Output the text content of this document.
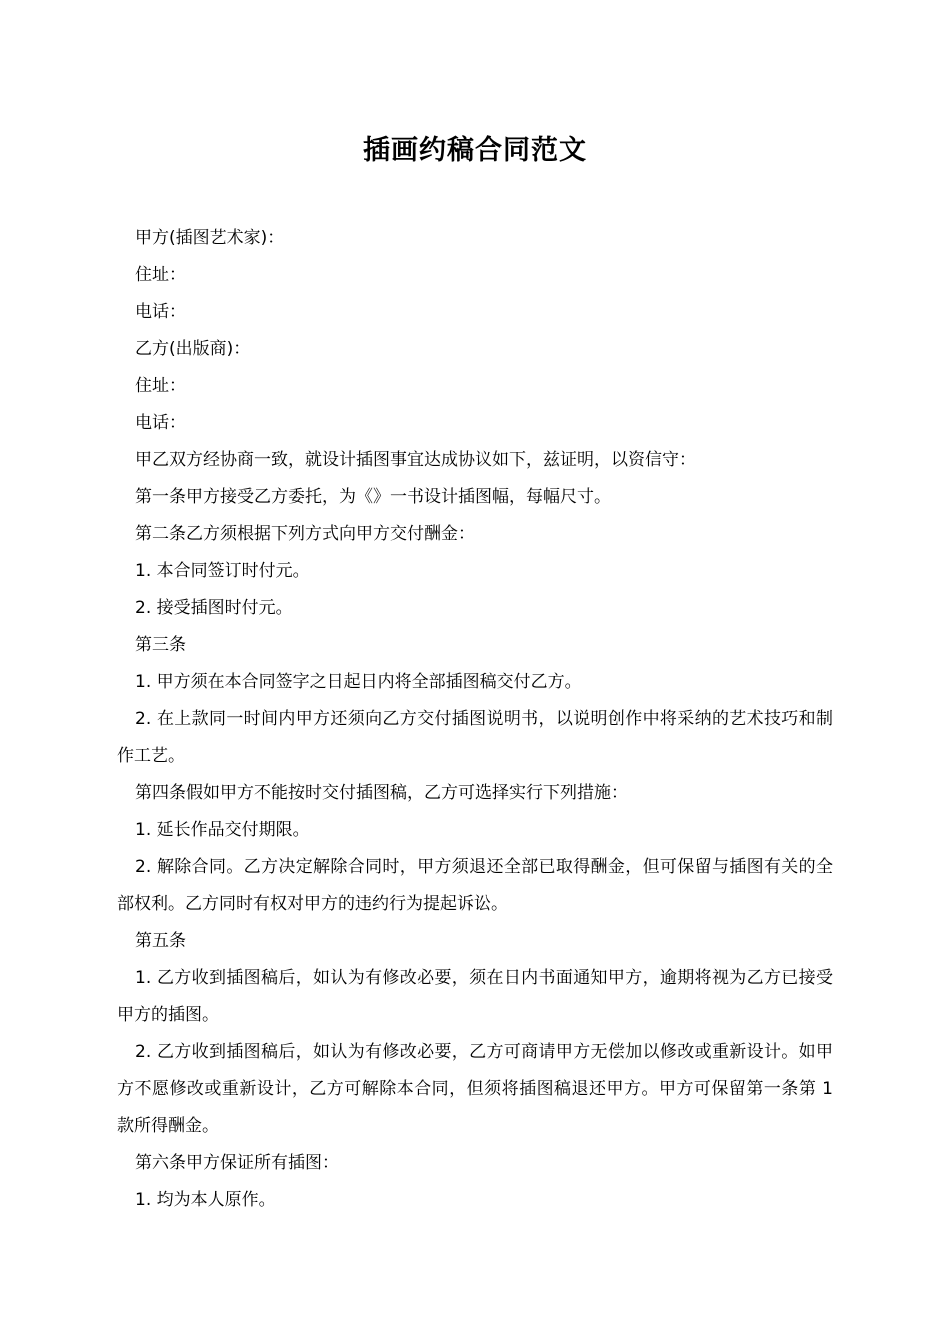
插画约稿合同范文

甲方(插图艺术家)：

住址：

电话：

乙方(出版商)：

住址：

电话：

甲乙双方经协商一致，就设计插图事宜达成协议如下，兹证明，以资信守：

第一条甲方接受乙方委托，为《》一书设计插图幅，每幅尺寸。

第二条乙方须根据下列方式向甲方交付酬金：

1. 本合同签订时付元。

2. 接受插图时付元。

第三条

1. 甲方须在本合同签字之日起日内将全部插图稿交付乙方。

2. 在上款同一时间内甲方还须向乙方交付插图说明书，以说明创作中将采纳的艺术技巧和制作工艺。

第四条假如甲方不能按时交付插图稿，乙方可选择实行下列措施：

1. 延长作品交付期限。

2. 解除合同。乙方决定解除合同时，甲方须退还全部已取得酬金，但可保留与插图有关的全部权利。乙方同时有权对甲方的违约行为提起诉讼。

第五条

1. 乙方收到插图稿后，如认为有修改必要，须在日内书面通知甲方，逾期将视为乙方已接受甲方的插图。

2. 乙方收到插图稿后，如认为有修改必要，乙方可商请甲方无偿加以修改或重新设计。如甲方不愿修改或重新设计，乙方可解除本合同，但须将插图稿退还甲方。甲方可保留第一条第 1 款所得酬金。

第六条甲方保证所有插图：

1. 均为本人原作。
